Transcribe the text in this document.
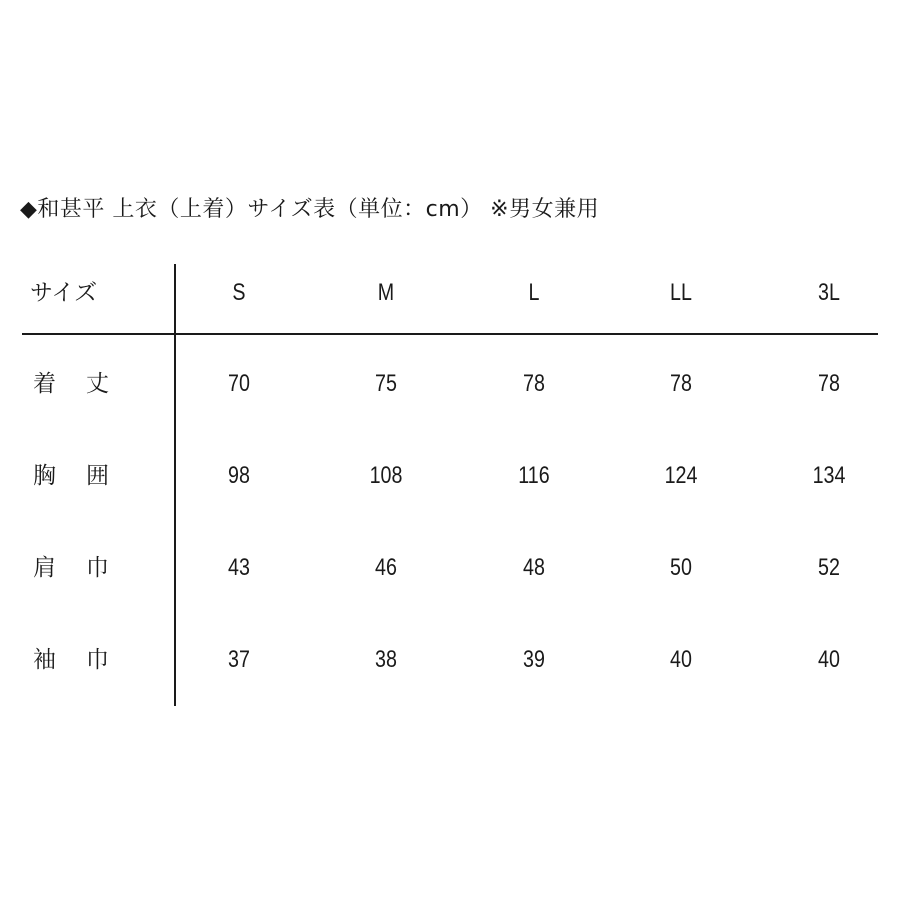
◆和甚平 上衣（上着）サイズ表（単位：cm） ※男女兼用
サイズ	S	M	L	LL	3L
着 丈	70	75	78	78	78
胸 囲	98	108	116	124	134
肩 巾	43	46	48	50	52
袖 巾	37	38	39	40	40
